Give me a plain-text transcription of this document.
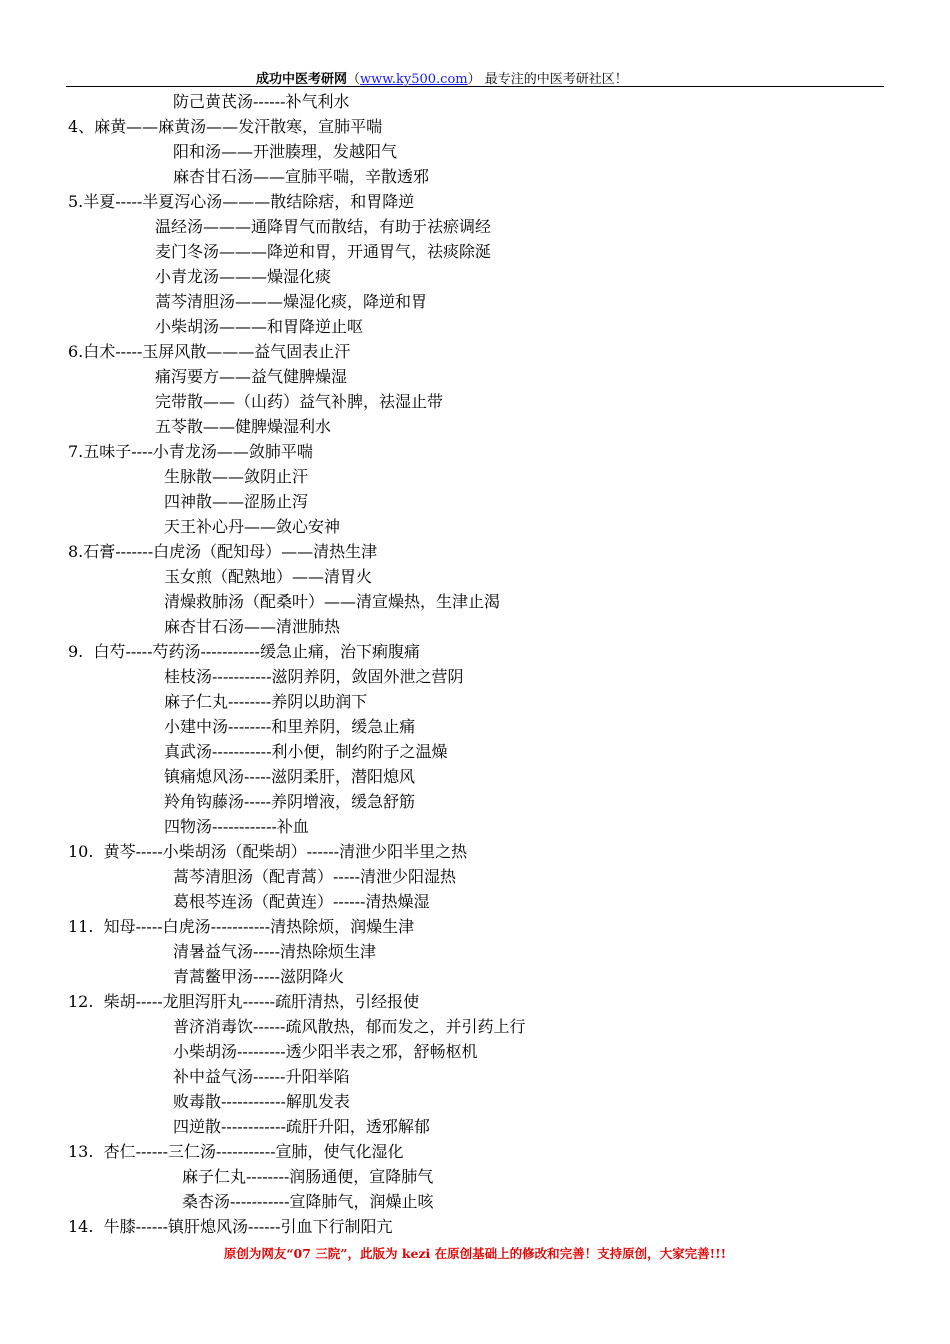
成功中医考研网（www.ky500.com） 最专注的中医考研社区！
防己黄芪汤------补气利水
4、麻黄——麻黄汤——发汗散寒，宣肺平喘
阳和汤——开泄腠理，发越阳气
麻杏甘石汤——宣肺平喘，辛散透邪
5.半夏-----半夏泻心汤———散结除痞，和胃降逆
温经汤———通降胃气而散结，有助于祛瘀调经
麦门冬汤———降逆和胃，开通胃气，祛痰除涎
小青龙汤———燥湿化痰
蒿芩清胆汤———燥湿化痰，降逆和胃
小柴胡汤———和胃降逆止呕
6.白术-----玉屏风散———益气固表止汗
痛泻要方——益气健脾燥湿
完带散——（山药）益气补脾，祛湿止带
五苓散——健脾燥湿利水
7.五味子----小青龙汤——敛肺平喘
生脉散——敛阴止汗
四神散——涩肠止泻
天王补心丹——敛心安神
8.石膏-------白虎汤（配知母）——清热生津
玉女煎（配熟地）——清胃火
清燥救肺汤（配桑叶）——清宣燥热，生津止渴
麻杏甘石汤——清泄肺热
9.  白芍-----芍药汤-----------缓急止痛，治下痢腹痛
桂枝汤-----------滋阴养阴，敛固外泄之营阴
麻子仁丸--------养阴以助润下
小建中汤--------和里养阴，缓急止痛
真武汤-----------利小便，制约附子之温燥
镇痛熄风汤-----滋阴柔肝，潜阳熄风
羚角钩藤汤-----养阴增液，缓急舒筋
四物汤------------补血
10.  黄芩-----小柴胡汤（配柴胡）------清泄少阳半里之热
蒿芩清胆汤（配青蒿）-----清泄少阳湿热
葛根芩连汤（配黄连）------清热燥湿
11.  知母-----白虎汤-----------清热除烦，润燥生津
清暑益气汤-----清热除烦生津
青蒿鳖甲汤-----滋阴降火
12.  柴胡-----龙胆泻肝丸------疏肝清热，引经报使
普济消毒饮------疏风散热，郁而发之，并引药上行
小柴胡汤---------透少阳半表之邪，舒畅枢机
补中益气汤------升阳举陷
败毒散------------解肌发表
四逆散------------疏肝升阳，透邪解郁
13.  杏仁------三仁汤-----------宣肺，使气化湿化
麻子仁丸--------润肠通便，宣降肺气
桑杏汤-----------宣降肺气，润燥止咳
14.  牛膝------镇肝熄风汤------引血下行制阳亢
原创为网友“07 三院”，此版为 kezi 在原创基础上的修改和完善！支持原创，大家完善!!!
